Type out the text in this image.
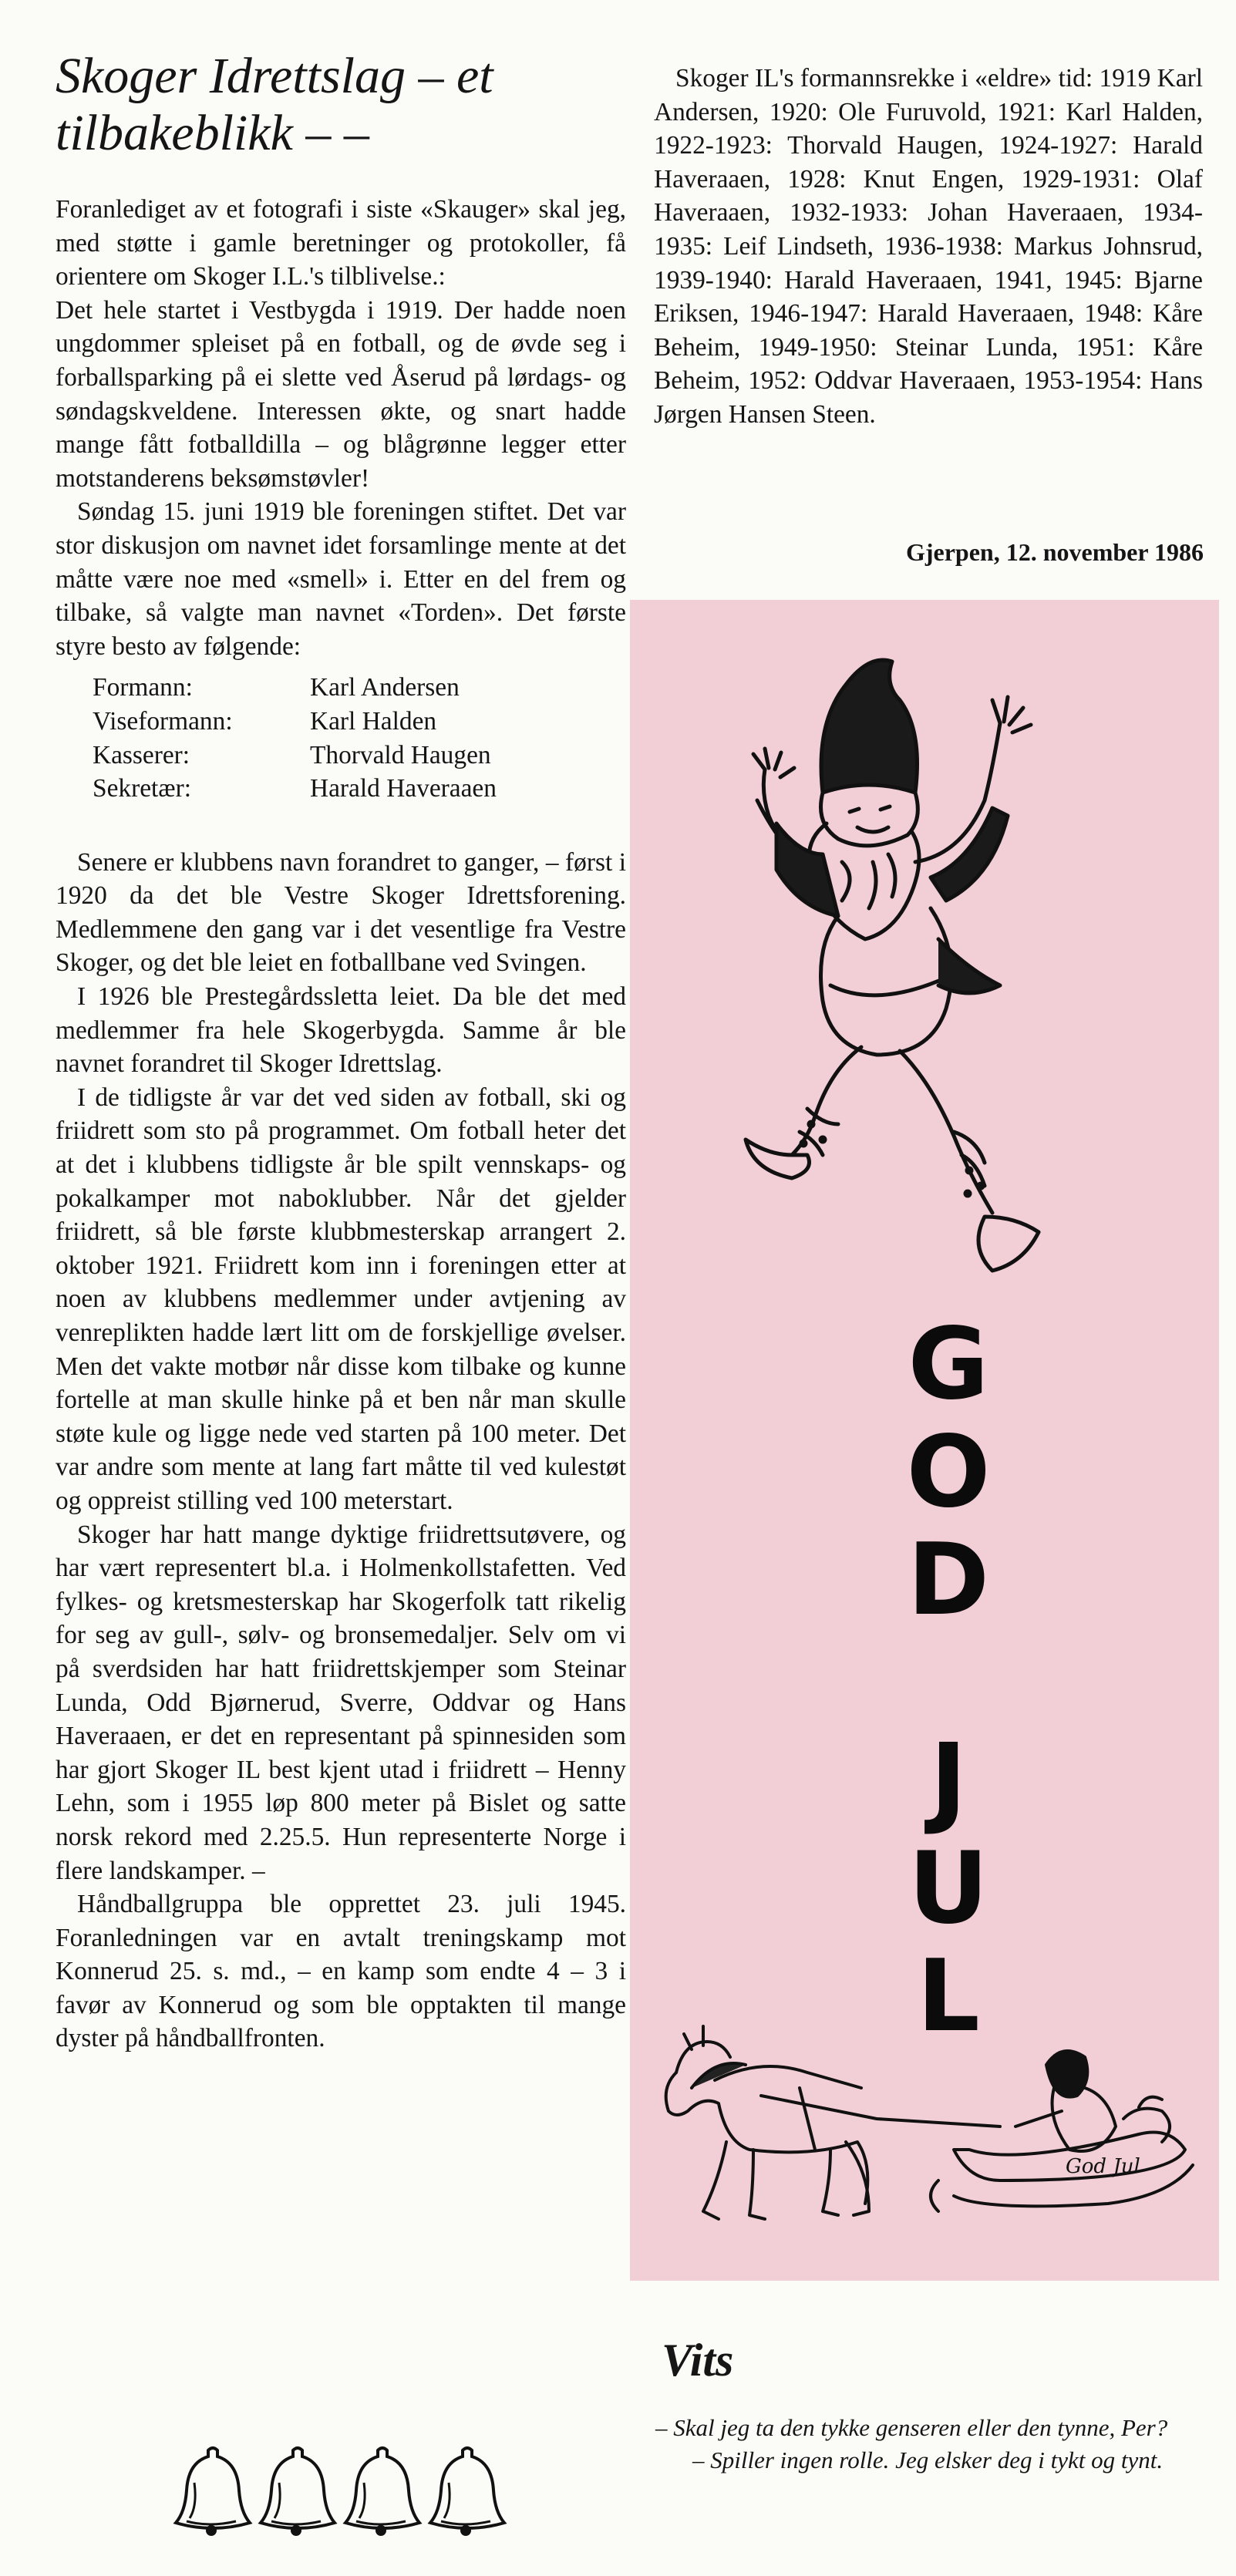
Skoger Idrettslag – et tilbakeblikk – –

Foranlediget av et fotografi i siste «Skauger» skal jeg, med støtte i gamle beretninger og protokoller, få orientere om Skoger I.L.'s tilblivelse.:

Det hele startet i Vestbygda i 1919. Der hadde noen ungdommer spleiset på en fotball, og de øvde seg i forballsparking på ei slette ved Åserud på lørdags- og søndagskveldene. Interessen økte, og snart hadde mange fått fotballdilla – og blågrønne legger etter motstanderens beksømstøvler!

Søndag 15. juni 1919 ble foreningen stiftet. Det var stor diskusjon om navnet idet forsamlinge mente at det måtte være noe med «smell» i. Etter en del frem og tilbake, så valgte man navnet «Torden». Det første styre besto av følgende:

Formann:	Karl Andersen
Viseformann:	Karl Halden
Kasserer:	Thorvald Haugen
Sekretær:	Harald Haveraaen

Senere er klubbens navn forandret to ganger, – først i 1920 da det ble Vestre Skoger Idrettsforening. Medlemmene den gang var i det vesentlige fra Vestre Skoger, og det ble leiet en fotballbane ved Svingen.

I 1926 ble Prestegårdssletta leiet. Da ble det med medlemmer fra hele Skogerbygda. Samme år ble navnet forandret til Skoger Idrettslag.

I de tidligste år var det ved siden av fotball, ski og friidrett som sto på programmet. Om fotball heter det at det i klubbens tidligste år ble spilt vennskaps- og pokalkamper mot naboklubber. Når det gjelder friidrett, så ble første klubbmesterskap arrangert 2. oktober 1921. Friidrett kom inn i foreningen etter at noen av klubbens medlemmer under avtjening av venreplikten hadde lært litt om de forskjellige øvelser. Men det vakte motbør når disse kom tilbake og kunne fortelle at man skulle hinke på et ben når man skulle støte kule og ligge nede ved starten på 100 meter. Det var andre som mente at lang fart måtte til ved kulestøt og oppreist stilling ved 100 meterstart.

Skoger har hatt mange dyktige friidrettsutøvere, og har vært representert bl.a. i Holmenkollstafetten. Ved fylkes- og kretsmesterskap har Skogerfolk tatt rikelig for seg av gull-, sølv- og bronsemedaljer. Selv om vi på sverdsiden har hatt friidrettskjemper som Steinar Lunda, Odd Bjørnerud, Sverre, Oddvar og Hans Haveraaen, er det en representant på spinnesiden som har gjort Skoger IL best kjent utad i friidrett – Henny Lehn, som i 1955 løp 800 meter på Bislet og satte norsk rekord med 2.25.5. Hun representerte Norge i flere landskamper. –

Håndballgruppa ble opprettet 23. juli 1945. Foranledningen var en avtalt treningskamp mot Konnerud 25. s. md., – en kamp som endte 4 – 3 i favør av Konnerud og som ble opptakten til mange dyster på håndballfronten.

Skoger IL's formannsrekke i «eldre» tid: 1919 Karl Andersen, 1920: Ole Furuvold, 1921: Karl Halden, 1922-1923: Thorvald Haugen, 1924-1927: Harald Haveraaen, 1928: Knut Engen, 1929-1931: Olaf Haveraaen, 1932-1933: Johan Haveraaen, 1934-1935: Leif Lindseth, 1936-1938: Markus Johnsrud, 1939-1940: Harald Haveraaen, 1941, 1945: Bjarne Eriksen, 1946-1947: Harald Haveraaen, 1948: Kåre Beheim, 1949-1950: Steinar Lunda, 1951: Kåre Beheim, 1952: Oddvar Haveraaen, 1953-1954: Hans Jørgen Hansen Steen.

Gjerpen, 12. november 1986
God Jul
G
O
D
J
U
L
Vits

– Skal jeg ta den tykke genseren eller den tynne, Per?

– Spiller ingen rolle. Jeg elsker deg i tykt og tynt.
